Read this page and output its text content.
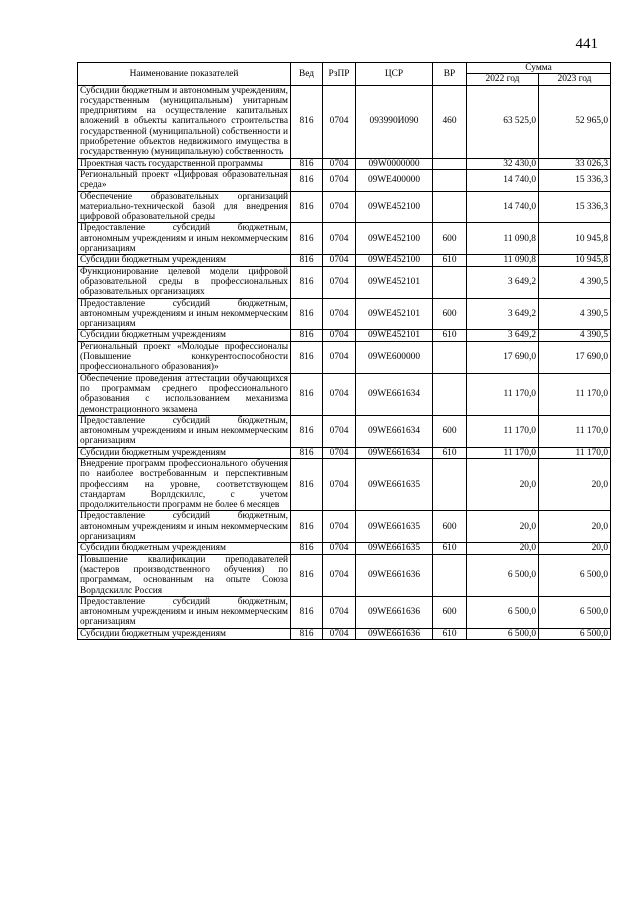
441
Наименование показателей	Вед	РзПР	ЦСР	ВР	Сумма	
					2022 год	2023 год
Субсидии бюджетным и автономным учреждениям, государственным (муниципальным) унитарным предприятиям на осуществление капитальных вложений в объекты капитального строительства государственной (муниципальной) собственности и приобретение объектов недвижимого имущества в государственную (муниципальную) собственность	816	0704	093990И090	460	63 525,0	52 965,0
Проектная часть государственной программы	816	0704	09W0000000		32 430,0	33 026,3
Региональный проект «Цифровая образовательная среда»	816	0704	09WE400000		14 740,0	15 336,3
Обеспечение образовательных организаций материально-технической базой для внедрения цифровой образовательной среды	816	0704	09WE452100		14 740,0	15 336,3
Предоставление субсидий бюджетным, автономным учреждениям и иным некоммерческим организациям	816	0704	09WE452100	600	11 090,8	10 945,8
Субсидии бюджетным учреждениям	816	0704	09WE452100	610	11 090,8	10 945,8
Функционирование целевой модели цифровой образовательной среды в профессиональных образовательных организациях	816	0704	09WE452101		3 649,2	4 390,5
Предоставление субсидий бюджетным, автономным учреждениям и иным некоммерческим организациям	816	0704	09WE452101	600	3 649,2	4 390,5
Субсидии бюджетным учреждениям	816	0704	09WE452101	610	3 649,2	4 390,5
Региональный проект «Молодые профессионалы (Повышение конкурентоспособности профессионального образования)»	816	0704	09WE600000		17 690,0	17 690,0
Обеспечение проведения аттестации обучающихся по программам среднего профессионального образования с использованием механизма демонстрационного экзамена	816	0704	09WE661634		11 170,0	11 170,0
Предоставление субсидий бюджетным, автономным учреждениям и иным некоммерческим организациям	816	0704	09WE661634	600	11 170,0	11 170,0
Субсидии бюджетным учреждениям	816	0704	09WE661634	610	11 170,0	11 170,0
Внедрение программ профессионального обучения по наиболее востребованным и перспективным профессиям на уровне, соответствующем стандартам Ворлдскиллс, с учетом продолжительности программ не более 6 месяцев	816	0704	09WE661635		20,0	20,0
Предоставление субсидий бюджетным, автономным учреждениям и иным некоммерческим организациям	816	0704	09WE661635	600	20,0	20,0
Субсидии бюджетным учреждениям	816	0704	09WE661635	610	20,0	20,0
Повышение квалификации преподавателей (мастеров производственного обучения) по программам, основанным на опыте Союза Ворлдскиллс Россия	816	0704	09WE661636		6 500,0	6 500,0
Предоставление субсидий бюджетным, автономным учреждениям и иным некоммерческим организациям	816	0704	09WE661636	600	6 500,0	6 500,0
Субсидии бюджетным учреждениям	816	0704	09WE661636	610	6 500,0	6 500,0
